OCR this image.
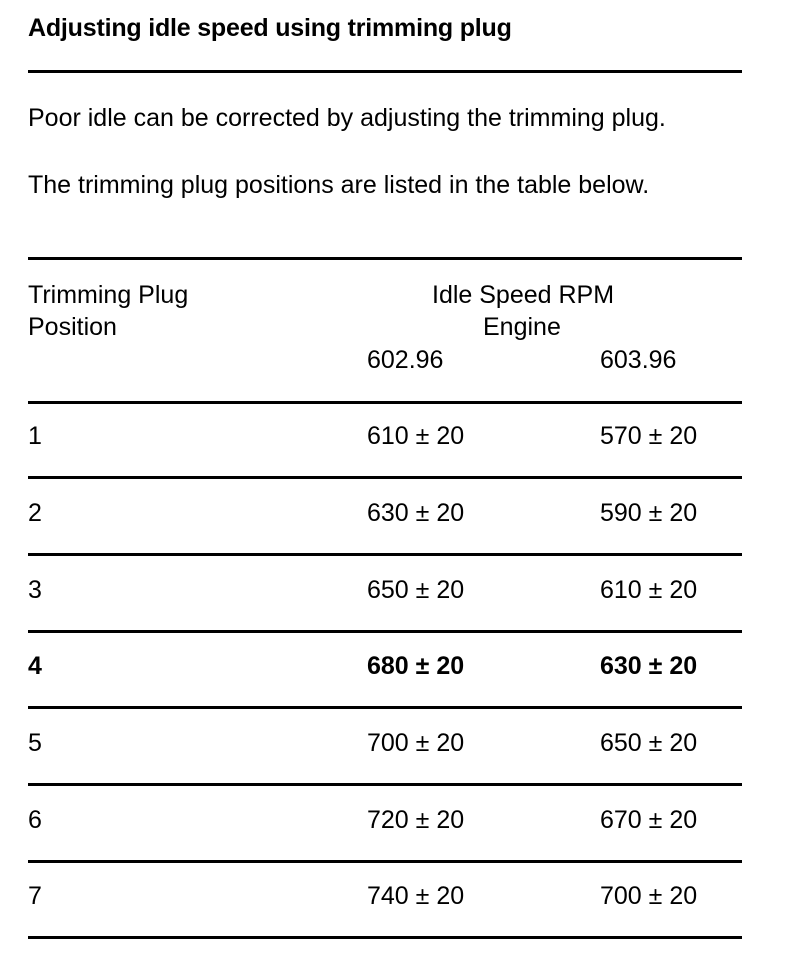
Adjusting idle speed using trimming plug
Poor idle can be corrected by adjusting the trimming plug.
The trimming plug positions are listed in the table below.
Trimming Plug
Position
Idle Speed RPM
Engine
602.96	603.96
1	610 ± 20	570 ± 20
2	630 ± 20	590 ± 20
3	650 ± 20	610 ± 20
4	680 ± 20	630 ± 20
5	700 ± 20	650 ± 20
6	720 ± 20	670 ± 20
7	740 ± 20	700 ± 20
